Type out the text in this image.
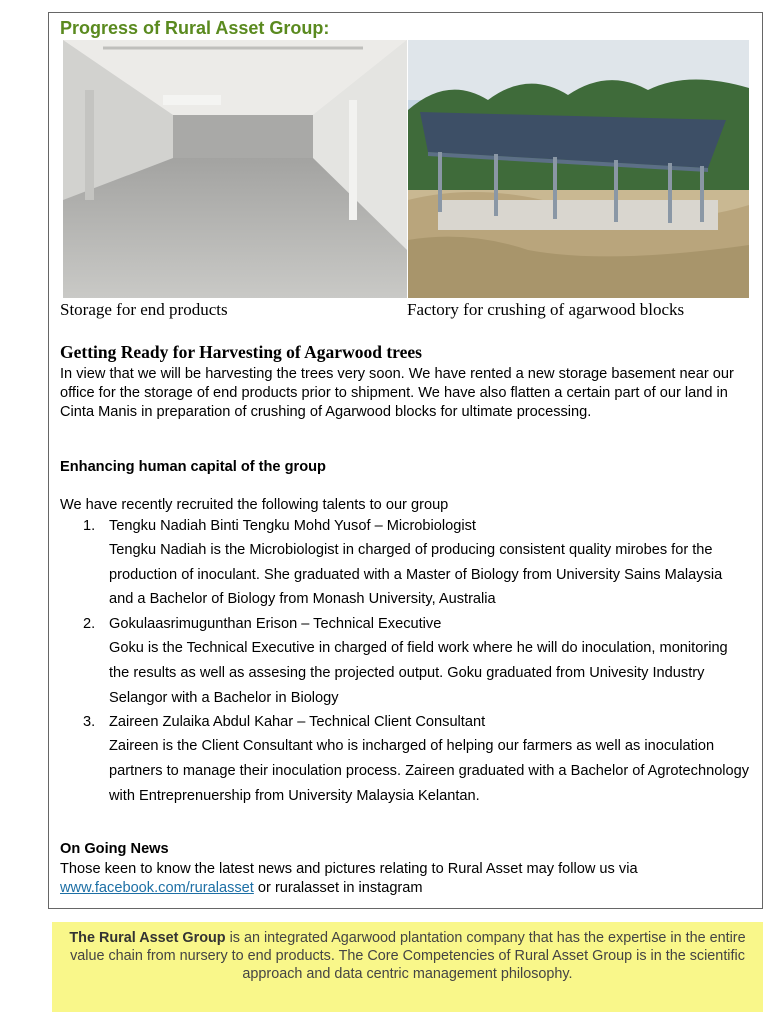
Progress of Rural Asset Group:

Storage for end products	Factory for crushing of agarwood blocks

Getting Ready for Harvesting of Agarwood trees

In view that we will be harvesting the trees very soon. We have rented a new storage basement near our office for the storage of end products prior to shipment. We have also flatten a certain part of our land in Cinta Manis in preparation of crushing of Agarwood blocks for ultimate processing.

Enhancing human capital of the group

We have recently recruited the following talents to our group

1. Tengku Nadiah Binti Tengku Mohd Yusof – Microbiologist
Tengku Nadiah is the Microbiologist in charged of producing consistent quality mirobes for the production of inoculant. She graduated with a Master of Biology from University Sains Malaysia and a Bachelor of Biology from Monash University, Australia
2. Gokulaasrimugunthan Erison – Technical Executive
Goku is the Technical Executive in charged of field work where he will do inoculation, monitoring the results as well as assesing the projected output. Goku graduated from Univesity Industry Selangor with a Bachelor in Biology
3. Zaireen Zulaika Abdul Kahar – Technical Client Consultant
Zaireen is the Client Consultant who is incharged of helping our farmers as well as inoculation partners to manage their inoculation process. Zaireen graduated with a Bachelor of Agrotechnology with Entreprenuership from University Malaysia Kelantan.
On Going News

Those keen to know the latest news and pictures relating to Rural Asset may follow us via
www.facebook.com/ruralasset or ruralasset in instagram

The Rural Asset Group is an integrated Agarwood plantation company that has the expertise in the entire value chain from nursery to end products. The Core Competencies of Rural Asset Group is in the scientific approach and data centric management philosophy.
